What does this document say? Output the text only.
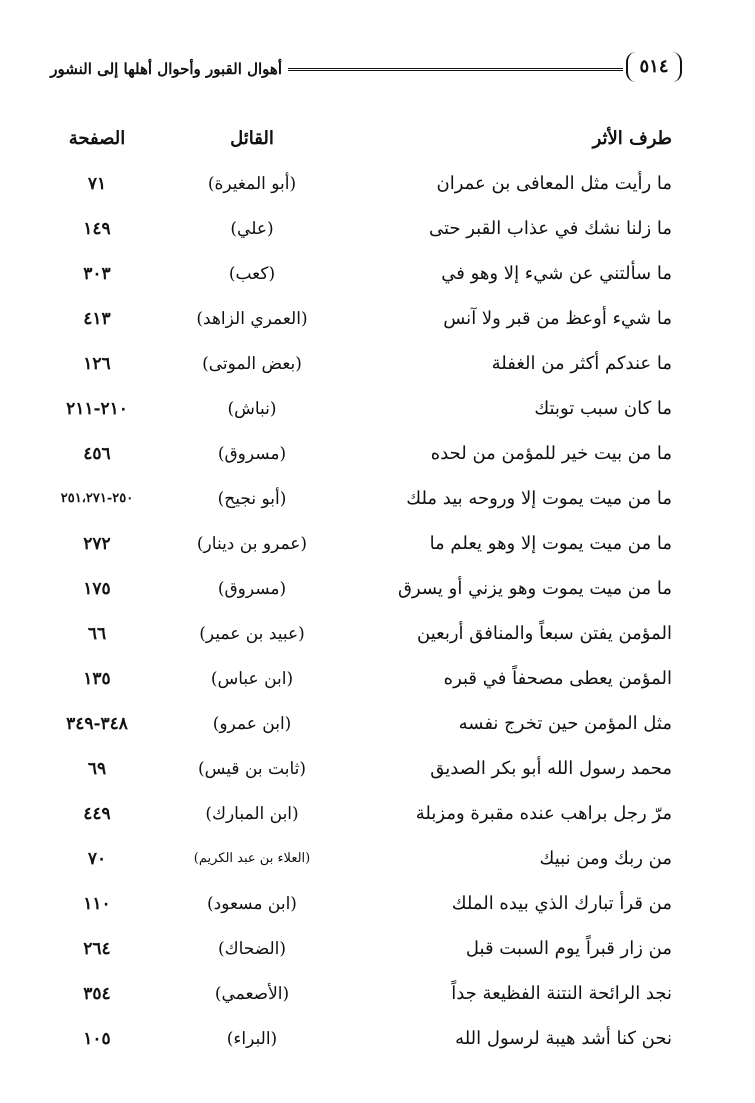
٥١٤
أهوال القبور وأحوال أهلها إلى النشور
طرف الأثر
القائل
الصفحة
ما رأيت مثل المعافى بن عمران
(أبو المغيرة)
٧١
ما زلنا نشك في عذاب القبر حتى
(علي)
١٤٩
ما سألتني عن شيء إلا وهو في
(كعب)
٣٠٣
ما شيء أوعظ من قبر ولا آنس
(العمري الزاهد)
٤١٣
ما عندكم أكثر من الغفلة
(بعض الموتى)
١٢٦
ما كان سبب توبتك
(نباش)
٢١٠-٢١١
ما من بيت خير للمؤمن من لحده
(مسروق)
٤٥٦
ما من ميت يموت إلا وروحه بيد ملك
(أبو نجيح)
٢٥٠-٢٥١،٢٧١
ما من ميت يموت إلا وهو يعلم ما
(عمرو بن دينار)
٢٧٢
ما من ميت يموت وهو يزني أو يسرق
(مسروق)
١٧٥
المؤمن يفتن سبعاً والمنافق أربعين
(عبيد بن عمير)
٦٦
المؤمن يعطى مصحفاً في قبره
(ابن عباس)
١٣٥
مثل المؤمن حين تخرج نفسه
(ابن عمرو)
٣٤٨-٣٤٩
محمد رسول الله أبو بكر الصديق
(ثابت بن قيس)
٦٩
مرّ رجل براهب عنده مقبرة ومزبلة
(ابن المبارك)
٤٤٩
من ربك ومن نبيك
(العلاء بن عبد الكريم)
٧٠
من قرأ تبارك الذي بيده الملك
(ابن مسعود)
١١٠
من زار قبراً يوم السبت قبل
(الضحاك)
٢٦٤
نجد الرائحة النتنة الفظيعة جداً
(الأصعمي)
٣٥٤
نحن كنا أشد هيبة لرسول الله
(البراء)
١٠٥
